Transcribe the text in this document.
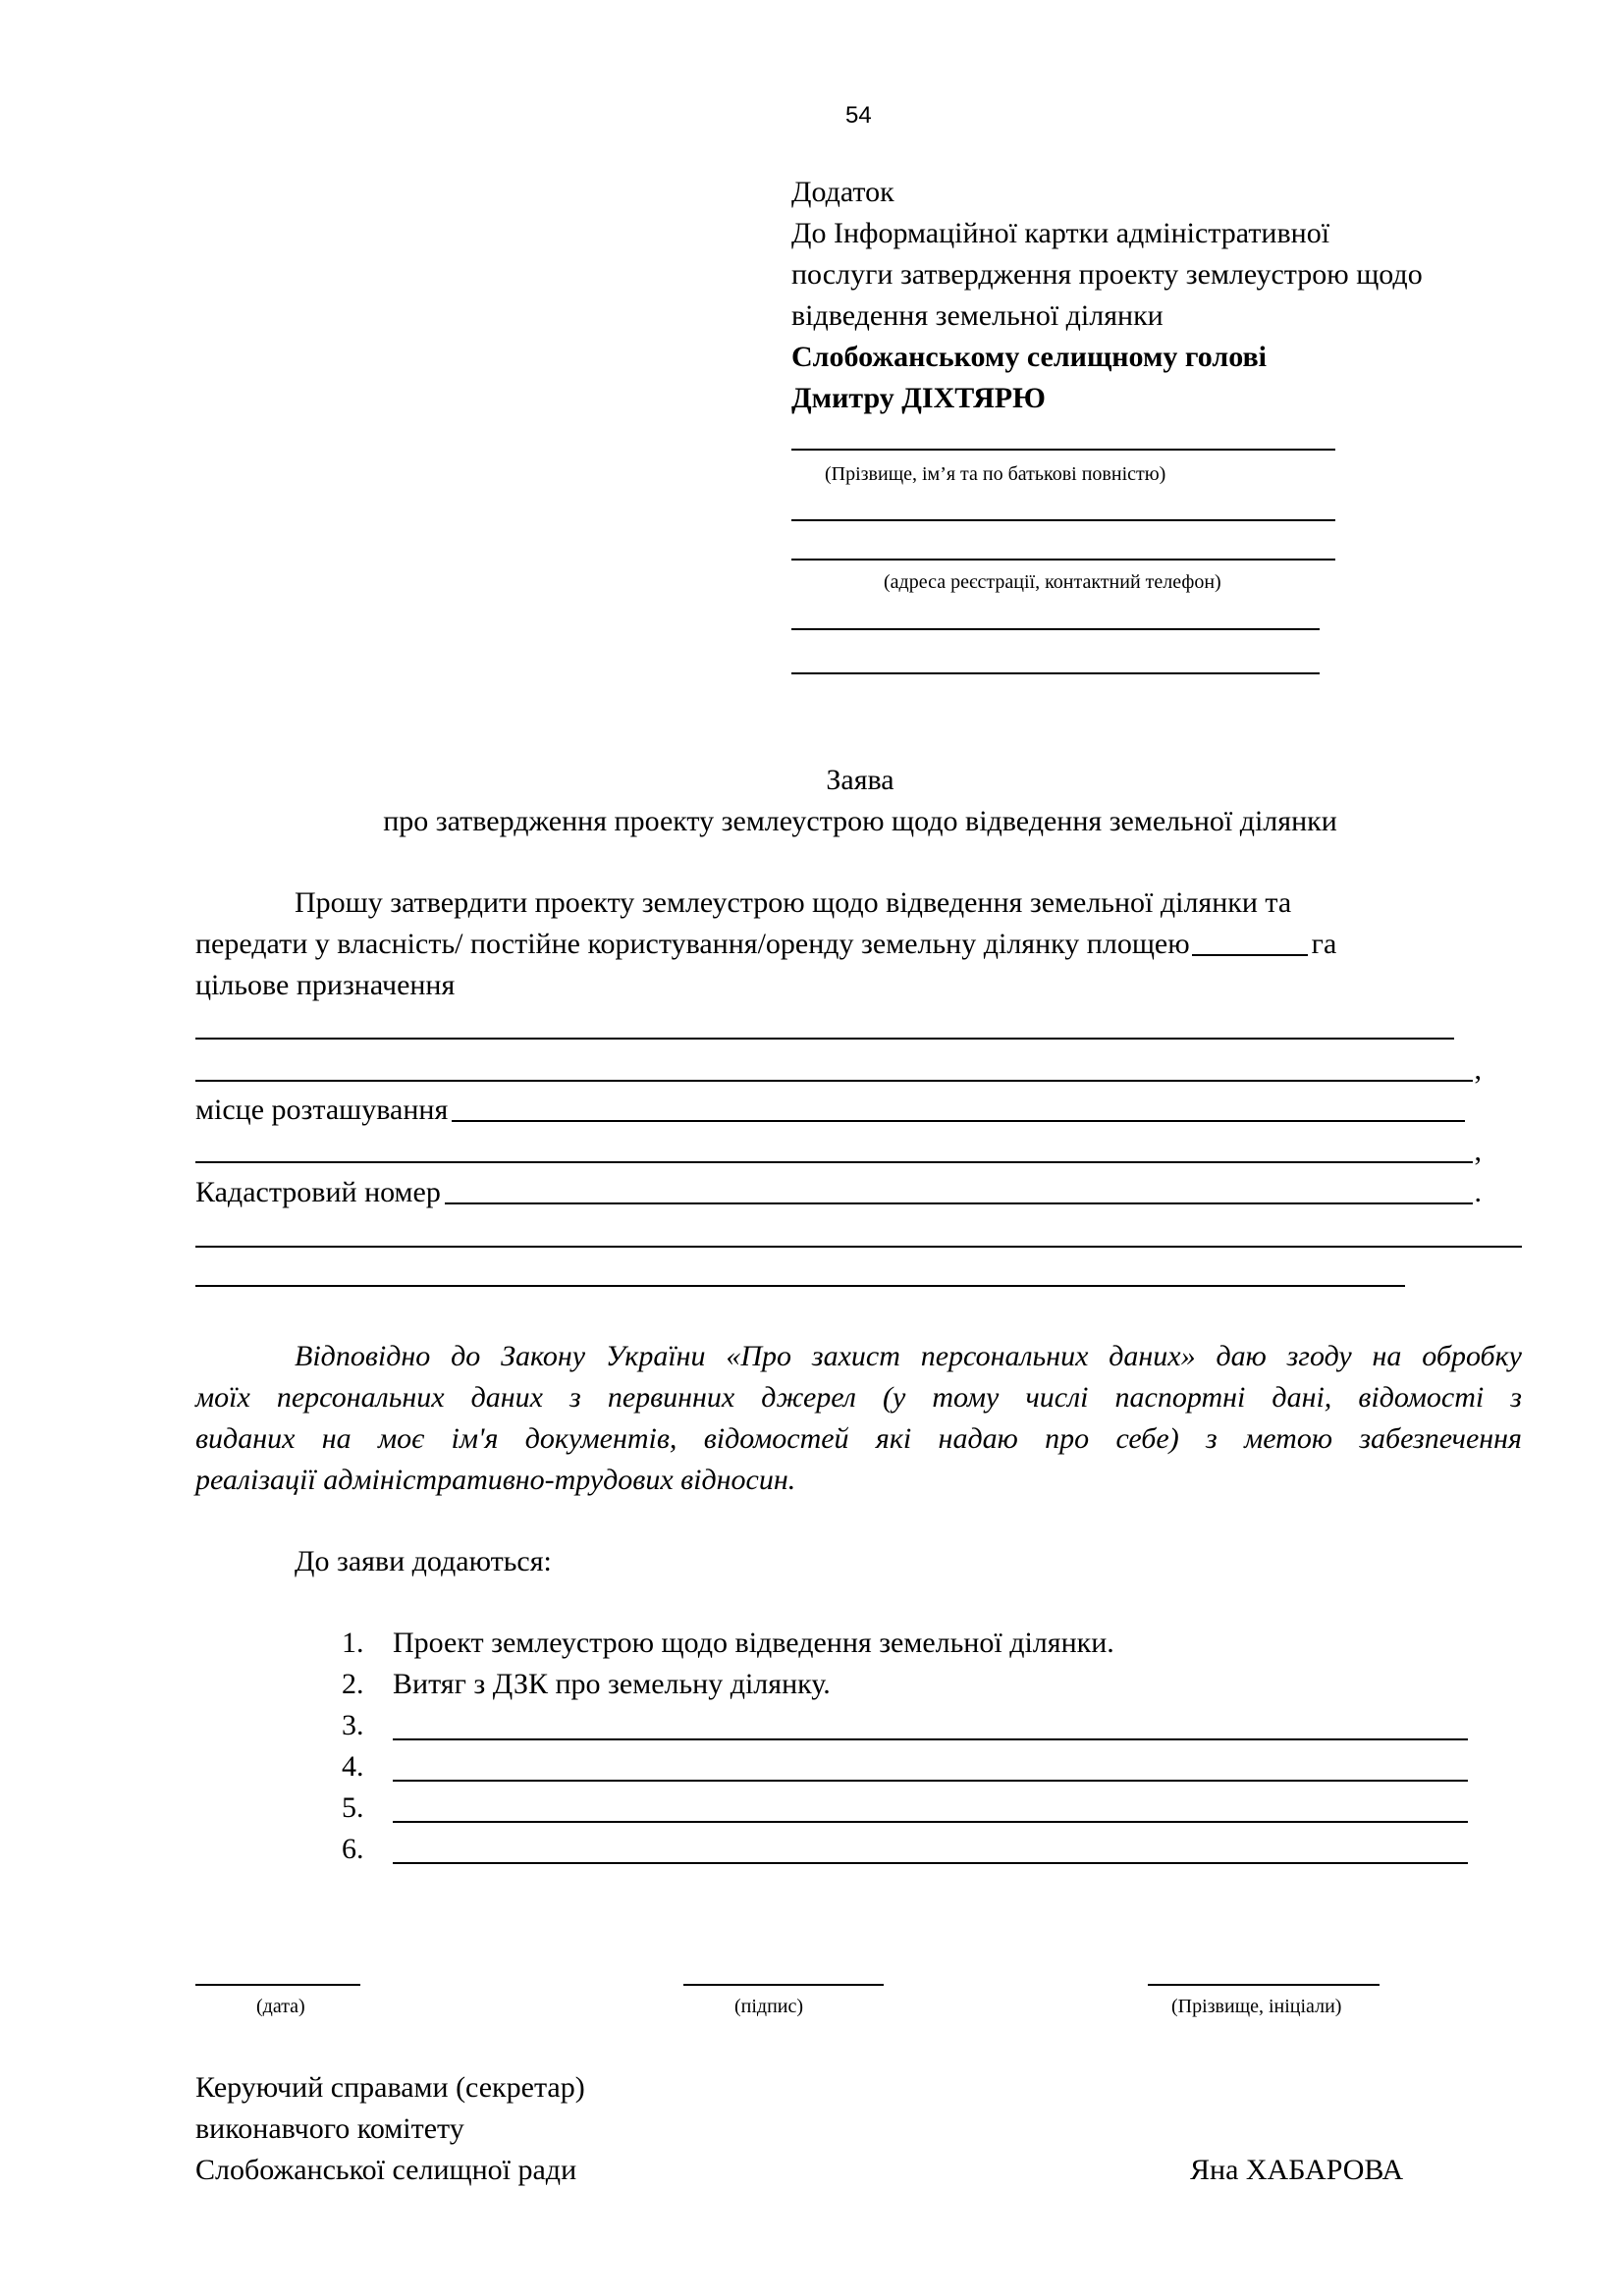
54
Додаток
До Інформаційної картки адміністративної
послуги затвердження проекту землеустрою щодо
відведення земельної ділянки
Слобожанському селищному голові
Дмитру ДІХТЯРЮ
(Прізвище, ім’я та по батькові повністю)
(адреса реєстрації, контактний телефон)
Заява
про затвердження проекту землеустрою щодо відведення земельної ділянки
Прошу затвердити проекту землеустрою щодо відведення земельної ділянки та
передати у власність/ постійне користування/оренду земельну ділянку площею	га
цільове призначення
,
місце розташування
,
Кадастровий номер	.
Відповідно до Закону України «Про захист персональних даних» даю згоду на обробку
моїх персональних даних з первинних джерел (у тому числі паспортні дані, відомості з
виданих на моє ім'я документів, відомостей які надаю про себе) з метою забезпечення
реалізації адміністративно-трудових відносин.
До заяви додаються:
1. Проект землеустрою щодо відведення земельної ділянки.
2. Витяг з ДЗК про земельну ділянку.
3.
4.
5.
6.
(дата)	(підпис)	(Прізвище, ініціали)
Керуючий справами (секретар)
виконавчого комітету
Слобожанської селищної ради	Яна ХАБАРОВА
